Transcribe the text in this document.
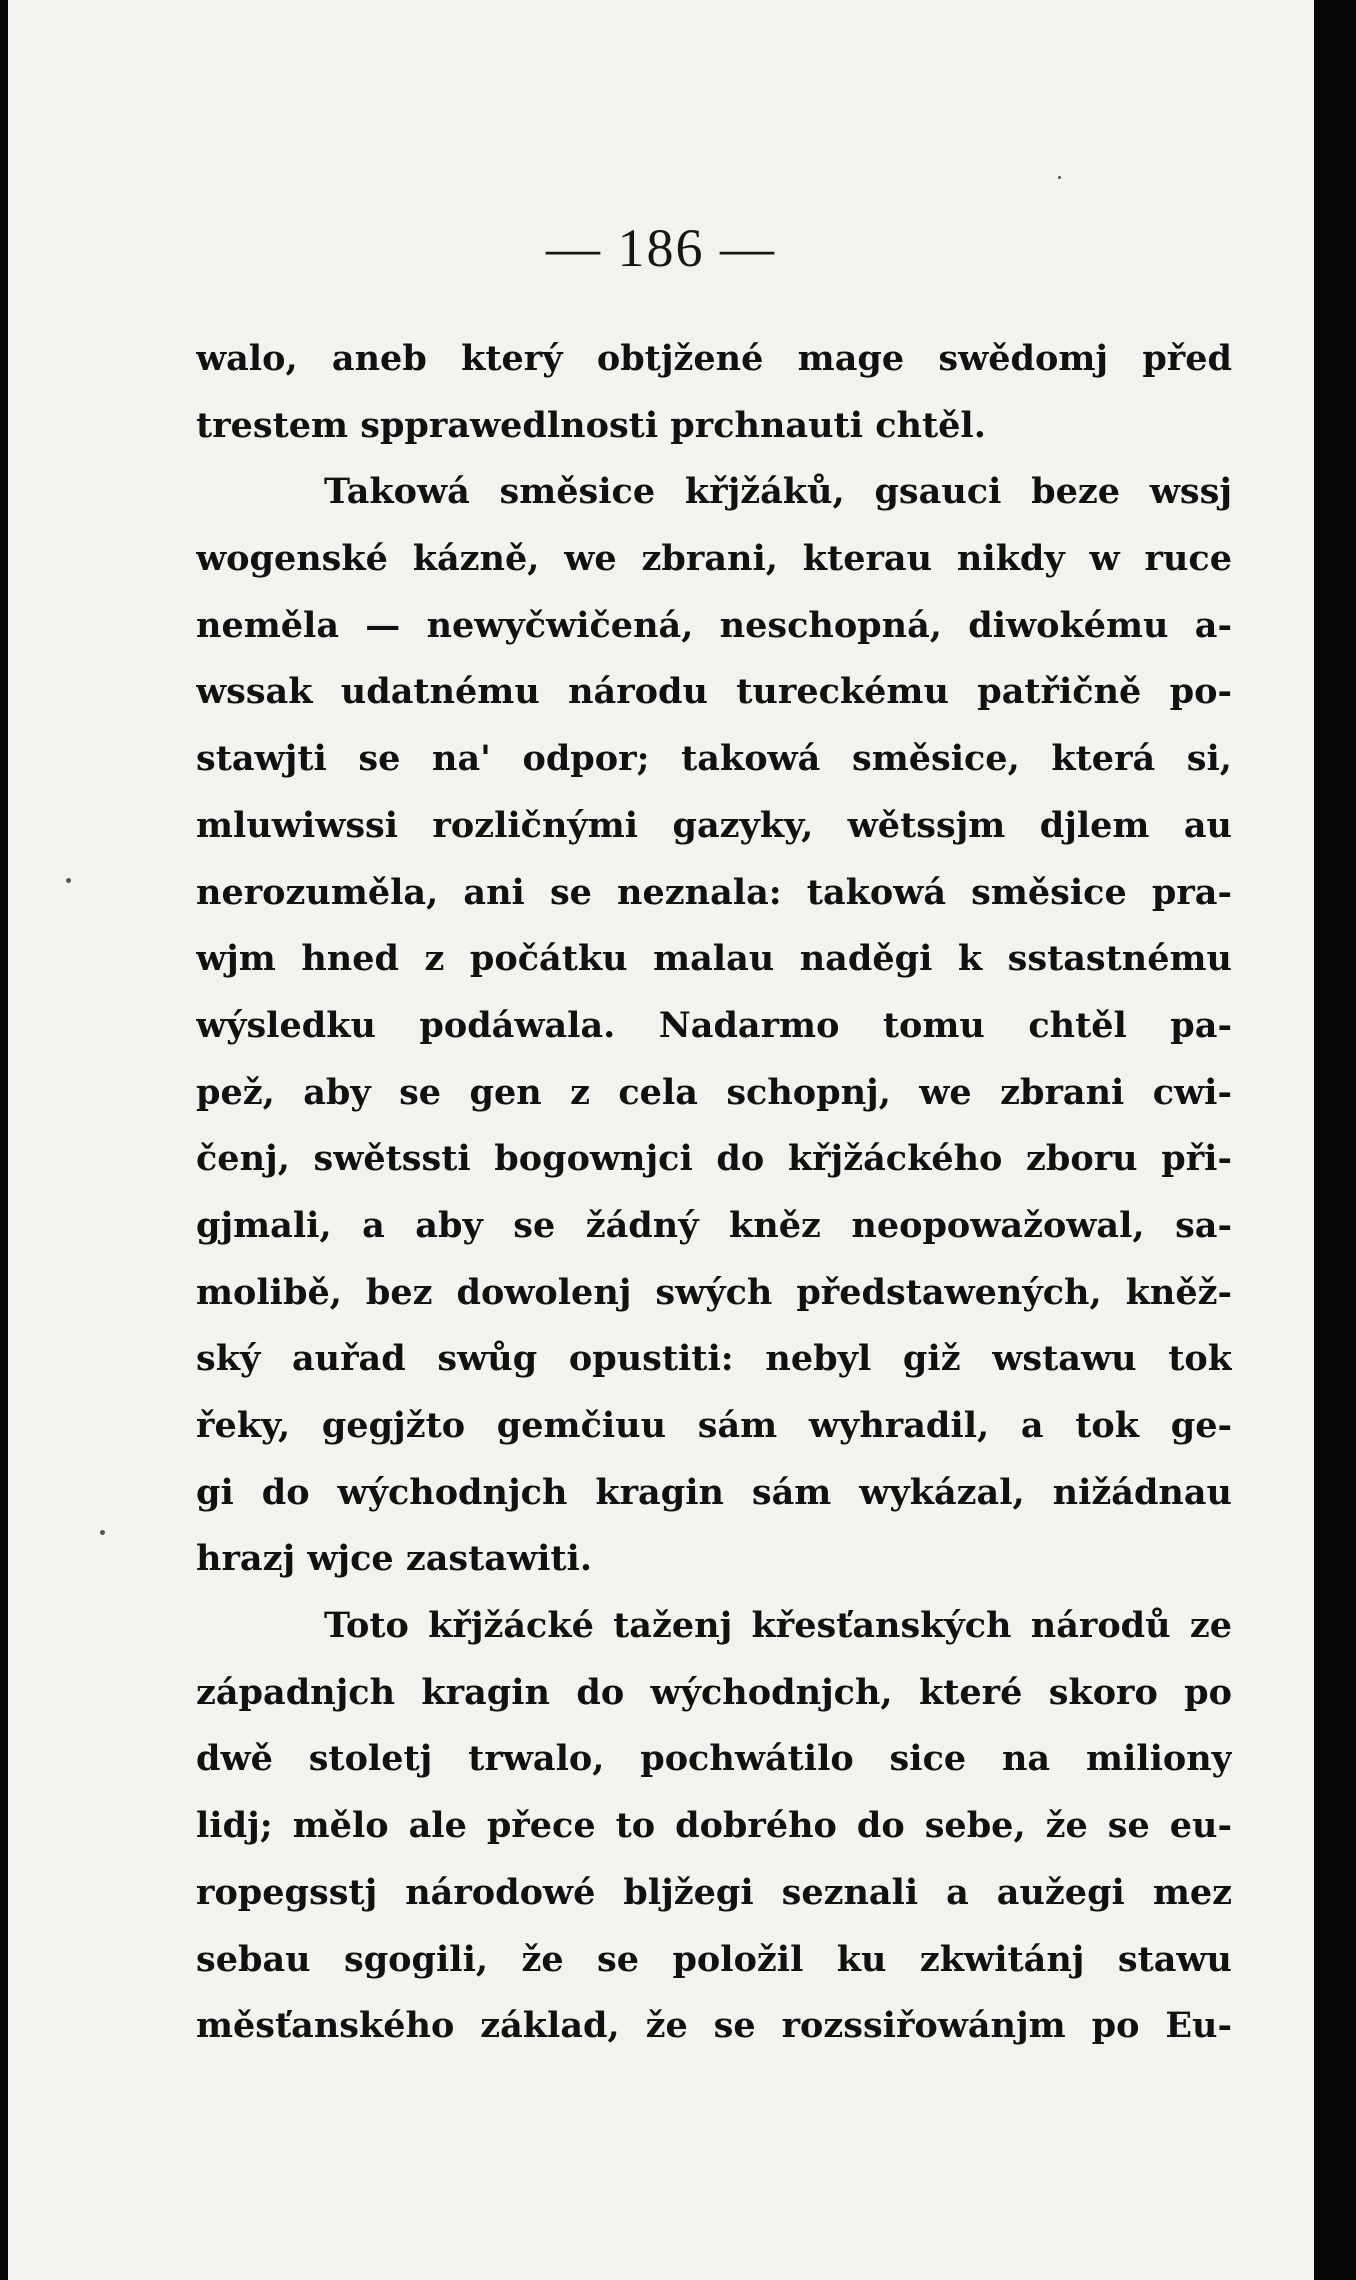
— 186 —
walo, aneb který obtjžené mage swědomj před
trestem spprawedlnosti prchnauti chtěl.
Takowá směsice křjžáků, gsauci beze wssj
wogenské kázně, we zbrani, kterau nikdy w ruce
neměla — newyčwičená, neschopná, diwokému a-
wssak udatnému národu tureckému patřičně po-
stawjti se na' odpor; takowá směsice, která si,
mluwiwssi rozličnými gazyky, wětssjm djlem au
nerozuměla, ani se neznala: takowá směsice pra-
wjm hned z počátku malau naděgi k sstastnému
wýsledku podáwala. Nadarmo tomu chtěl pa-
pež, aby se gen z cela schopnj, we zbrani cwi-
čenj, swětssti bogownjci do křjžáckého zboru při-
gjmali, a aby se žádný kněz neopowažowal, sa-
molibě, bez dowolenj swých předstawených, kněž-
ský auřad swůg opustiti: nebyl giž wstawu tok
řeky, gegjžto gemčiuu sám wyhradil, a tok ge-
gi do wýchodnjch kragin sám wykázal, nižádnau
hrazj wjce zastawiti.
Toto křjžácké taženj křesťanských národů ze
západnjch kragin do wýchodnjch, které skoro po
dwě stoletj trwalo, pochwátilo sice na miliony
lidj; mělo ale přece to dobrého do sebe, že se eu-
ropegsstj národowé bljžegi seznali a aužegi mez
sebau sgogili, že se položil ku zkwitánj stawu
měsťanského základ, že se rozssiřowánjm po Eu-
